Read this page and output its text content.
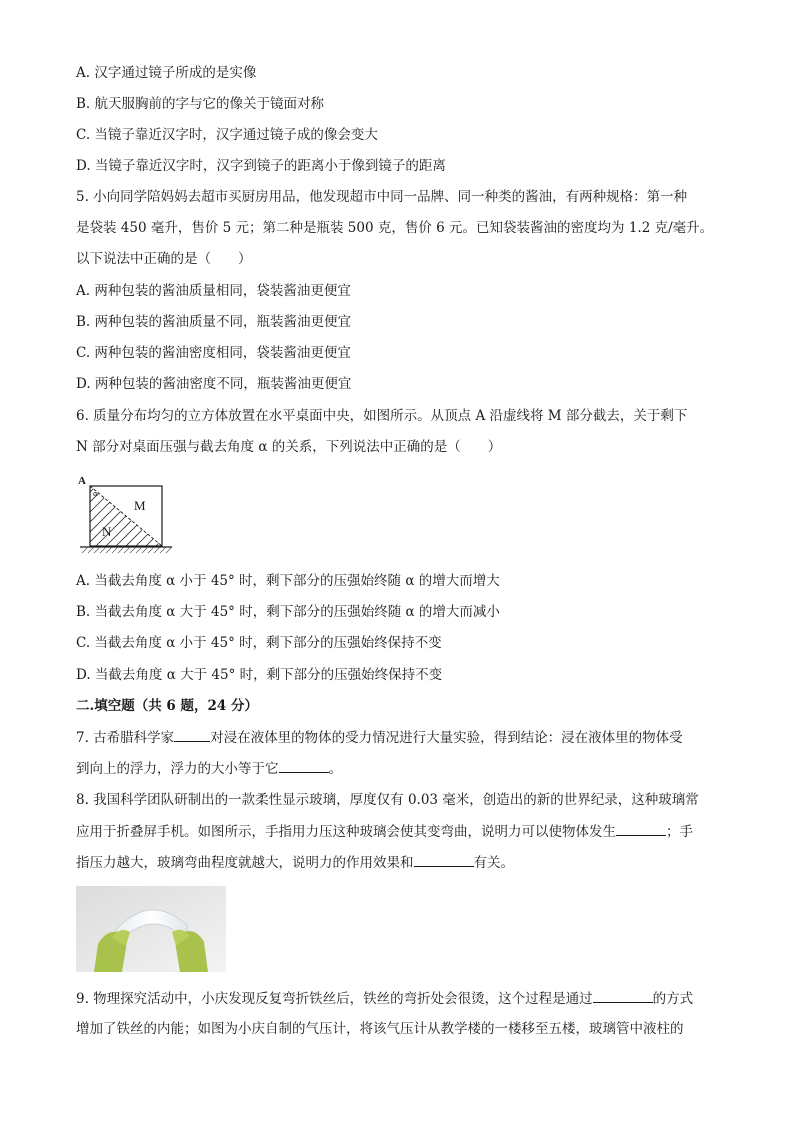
A. 汉字通过镜子所成的是实像
B. 航天服胸前的字与它的像关于镜面对称
C. 当镜子靠近汉字时，汉字通过镜子成的像会变大
D. 当镜子靠近汉字时，汉字到镜子的距离小于像到镜子的距离
5. 小向同学陪妈妈去超市买厨房用品，他发现超市中同一品牌、同一种类的酱油，有两种规格：第一种
是袋装 450 毫升，售价 5 元；第二种是瓶装 500 克，售价 6 元。已知袋装酱油的密度均为 1.2 克/毫升。
以下说法中正确的是（　　）
A. 两种包装的酱油质量相同，袋装酱油更便宜
B. 两种包装的酱油质量不同，瓶装酱油更便宜
C. 两种包装的酱油密度相同，袋装酱油更便宜
D. 两种包装的酱油密度不同，瓶装酱油更便宜
6. 质量分布均匀的立方体放置在水平桌面中央，如图所示。从顶点 A 沿虚线将 M 部分截去，关于剩下
N 部分对桌面压强与截去角度 α 的关系，下列说法中正确的是（　　）
A
α
M
N
A. 当截去角度 α 小于 45° 时，剩下部分的压强始终随 α 的增大而增大
B. 当截去角度 α 大于 45° 时，剩下部分的压强始终随 α 的增大而减小
C. 当截去角度 α 小于 45° 时，剩下部分的压强始终保持不变
D. 当截去角度 α 大于 45° 时，剩下部分的压强始终保持不变
二.填空题（共 6 题，24 分）
7. 古希腊科学家	对浸在液体里的物体的受力情况进行大量实验，得到结论：浸在液体里的物体受
到向上的浮力，浮力的大小等于它	。
8. 我国科学团队研制出的一款柔性显示玻璃，厚度仅有 0.03 毫米，创造出的新的世界纪录，这种玻璃常
应用于折叠屏手机。如图所示，手指用力压这种玻璃会使其变弯曲，说明力可以使物体发生	；手
指压力越大，玻璃弯曲程度就越大，说明力的作用效果和	有关。
9. 物理探究活动中，小庆发现反复弯折铁丝后，铁丝的弯折处会很烫，这个过程是通过	的方式
增加了铁丝的内能；如图为小庆自制的气压计，将该气压计从教学楼的一楼移至五楼，玻璃管中液柱的
